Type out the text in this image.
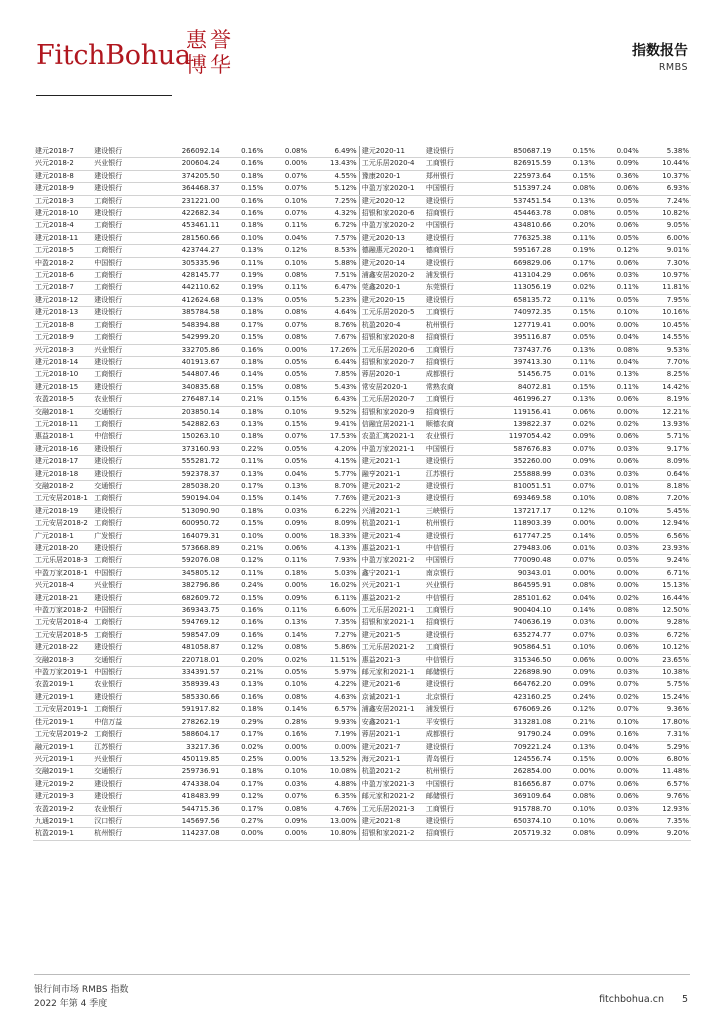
FitchBohua
惠誉博华
指数报告
RMBS
建元2018-7	建设银行	266092.14	0.16%	0.08%	6.49%	建元2020-11	建设银行	850687.19	0.15%	0.04%	5.38%
兴元2018-2	兴业银行	200604.24	0.16%	0.00%	13.43%	工元乐居2020-4	工商银行	826915.59	0.13%	0.09%	10.44%
建元2018-8	建设银行	374205.50	0.18%	0.07%	4.55%	豫康2020-1	郑州银行	225973.64	0.15%	0.36%	10.37%
建元2018-9	建设银行	364468.37	0.15%	0.07%	5.12%	中盈万家2020-1	中国银行	515397.24	0.08%	0.06%	6.93%
工元2018-3	工商银行	231221.00	0.16%	0.10%	7.25%	建元2020-12	建设银行	537451.54	0.13%	0.05%	7.24%
建元2018-10	建设银行	422682.34	0.16%	0.07%	4.32%	招银和家2020-6	招商银行	454463.78	0.08%	0.05%	10.82%
工元2018-4	工商银行	453461.11	0.18%	0.11%	6.72%	中盈万家2020-2	中国银行	434810.66	0.20%	0.06%	9.05%
建元2018-11	建设银行	281560.66	0.10%	0.04%	7.57%	建元2020-13	建设银行	776325.38	0.11%	0.05%	6.00%
工元2018-5	工商银行	423744.27	0.13%	0.12%	8.53%	德融惠元2020-1	德商银行	595167.28	0.19%	0.12%	9.01%
中盈2018-2	中国银行	305335.96	0.11%	0.10%	5.88%	建元2020-14	建设银行	669829.06	0.17%	0.06%	7.30%
工元2018-6	工商银行	428145.77	0.19%	0.08%	7.51%	浦鑫安居2020-2	浦发银行	413104.29	0.06%	0.03%	10.97%
工元2018-7	工商银行	442110.62	0.19%	0.11%	6.47%	莞鑫2020-1	东莞银行	113056.19	0.02%	0.11%	11.81%
建元2018-12	建设银行	412624.68	0.13%	0.05%	5.23%	建元2020-15	建设银行	658135.72	0.11%	0.05%	7.95%
建元2018-13	建设银行	385784.58	0.18%	0.08%	4.64%	工元乐居2020-5	工商银行	740972.35	0.15%	0.10%	10.16%
工元2018-8	工商银行	548394.88	0.17%	0.07%	8.76%	杭盈2020-4	杭州银行	127719.41	0.00%	0.00%	10.45%
工元2018-9	工商银行	542999.20	0.15%	0.08%	7.67%	招银和家2020-8	招商银行	395116.87	0.05%	0.04%	14.55%
兴元2018-3	兴业银行	332705.86	0.16%	0.00%	17.26%	工元乐居2020-6	工商银行	737437.76	0.13%	0.08%	9.53%
建元2018-14	建设银行	401913.67	0.18%	0.05%	6.44%	招银和家2020-7	招商银行	397413.30	0.11%	0.04%	7.70%
工元2018-10	工商银行	544807.46	0.14%	0.05%	7.85%	蓉居2020-1	成都银行	51456.75	0.01%	0.13%	8.25%
建元2018-15	建设银行	340835.68	0.15%	0.08%	5.43%	常安居2020-1	常熟农商	84072.81	0.15%	0.11%	14.42%
农盈2018-5	农业银行	276487.14	0.21%	0.15%	6.43%	工元乐居2020-7	工商银行	461996.27	0.13%	0.06%	8.19%
交融2018-1	交通银行	203850.14	0.18%	0.10%	9.52%	招银和家2020-9	招商银行	119156.41	0.06%	0.00%	12.21%
工元2018-11	工商银行	542882.63	0.13%	0.15%	9.41%	信融宜居2021-1	顺德农商	139822.37	0.02%	0.02%	13.93%
惠益2018-1	中信银行	150263.10	0.18%	0.07%	17.53%	农盈汇寓2021-1	农业银行	1197054.42	0.09%	0.06%	5.71%
建元2018-16	建设银行	373160.93	0.22%	0.05%	4.20%	中盈万家2021-1	中国银行	587676.83	0.07%	0.03%	9.17%
建元2018-17	建设银行	555281.72	0.11%	0.05%	4.15%	建元2021-1	建设银行	352260.00	0.09%	0.06%	8.09%
建元2018-18	建设银行	592378.37	0.13%	0.04%	5.77%	融亨2021-1	江苏银行	255888.99	0.03%	0.03%	0.64%
交融2018-2	交通银行	285038.20	0.17%	0.13%	8.70%	建元2021-2	建设银行	810051.51	0.07%	0.01%	8.18%
工元安居2018-1	工商银行	590194.04	0.15%	0.14%	7.76%	建元2021-3	建设银行	693469.58	0.10%	0.08%	7.20%
建元2018-19	建设银行	513090.90	0.18%	0.03%	6.22%	兴浦2021-1	三峡银行	137217.17	0.12%	0.10%	5.45%
工元安居2018-2	工商银行	600950.72	0.15%	0.09%	8.09%	杭盈2021-1	杭州银行	118903.39	0.00%	0.00%	12.94%
广元2018-1	广发银行	164079.31	0.10%	0.00%	18.33%	建元2021-4	建设银行	617747.25	0.14%	0.05%	6.56%
建元2018-20	建设银行	573668.89	0.21%	0.06%	4.13%	惠益2021-1	中信银行	279483.06	0.01%	0.03%	23.93%
工元乐居2018-3	工商银行	592076.08	0.12%	0.11%	7.93%	中盈万家2021-2	中国银行	770090.48	0.07%	0.05%	9.24%
中盈万家2018-1	中国银行	345805.12	0.11%	0.18%	5.03%	鑫宁2021-1	南京银行	90343.01	0.00%	0.00%	6.71%
兴元2018-4	兴业银行	382796.86	0.24%	0.00%	16.02%	兴元2021-1	兴业银行	864595.91	0.08%	0.00%	15.13%
建元2018-21	建设银行	682609.72	0.15%	0.09%	6.11%	惠益2021-2	中信银行	285101.62	0.04%	0.02%	16.44%
中盈万家2018-2	中国银行	369343.75	0.16%	0.11%	6.60%	工元乐居2021-1	工商银行	900404.10	0.14%	0.08%	12.50%
工元安居2018-4	工商银行	594769.12	0.16%	0.13%	7.35%	招银和家2021-1	招商银行	740636.19	0.03%	0.00%	9.28%
工元安居2018-5	工商银行	598547.09	0.16%	0.14%	7.27%	建元2021-5	建设银行	635274.77	0.07%	0.03%	6.72%
建元2018-22	建设银行	481058.87	0.12%	0.08%	5.86%	工元乐居2021-2	工商银行	905864.51	0.10%	0.06%	10.12%
交融2018-3	交通银行	220718.01	0.20%	0.02%	11.51%	惠益2021-3	中信银行	315346.50	0.06%	0.00%	23.65%
中盈万家2019-1	中国银行	334391.57	0.21%	0.05%	5.97%	邮元家和2021-1	邮储银行	226898.90	0.09%	0.03%	10.38%
农盈2019-1	农业银行	358939.43	0.13%	0.10%	4.22%	建元2021-6	建设银行	664762.20	0.09%	0.07%	5.75%
建元2019-1	建设银行	585330.66	0.16%	0.08%	4.63%	京诚2021-1	北京银行	423160.25	0.24%	0.02%	15.24%
工元安居2019-1	工商银行	591917.82	0.18%	0.14%	6.57%	浦鑫安居2021-1	浦发银行	676069.26	0.12%	0.07%	9.36%
佳元2019-1	中信万益	278262.19	0.29%	0.28%	9.93%	安鑫2021-1	平安银行	313281.08	0.21%	0.10%	17.80%
工元安居2019-2	工商银行	588604.17	0.17%	0.16%	7.19%	蓉居2021-1	成都银行	91790.24	0.09%	0.16%	7.31%
融元2019-1	江苏银行	33217.36	0.02%	0.00%	0.00%	建元2021-7	建设银行	709221.24	0.13%	0.04%	5.29%
兴元2019-1	兴业银行	450119.85	0.25%	0.00%	13.52%	海元2021-1	青岛银行	124556.74	0.15%	0.00%	6.80%
交融2019-1	交通银行	259736.91	0.18%	0.10%	10.08%	杭盈2021-2	杭州银行	262854.00	0.00%	0.00%	11.48%
建元2019-2	建设银行	474338.04	0.17%	0.03%	4.88%	中盈万家2021-3	中国银行	816656.87	0.07%	0.06%	6.57%
建元2019-3	建设银行	418483.99	0.12%	0.07%	6.35%	邮元家和2021-2	邮储银行	369109.64	0.08%	0.06%	9.76%
农盈2019-2	农业银行	544715.36	0.17%	0.08%	4.76%	工元乐居2021-3	工商银行	915788.70	0.10%	0.03%	12.93%
九通2019-1	汉口银行	145697.56	0.27%	0.09%	13.00%	建元2021-8	建设银行	650374.10	0.10%	0.06%	7.35%
杭盈2019-1	杭州银行	114237.08	0.00%	0.00%	10.80%	招银和家2021-2	招商银行	205719.32	0.08%	0.09%	9.20%
银行间市场 RMBS 指数
2022 年第 4 季度	fitchbohua.cn 5
